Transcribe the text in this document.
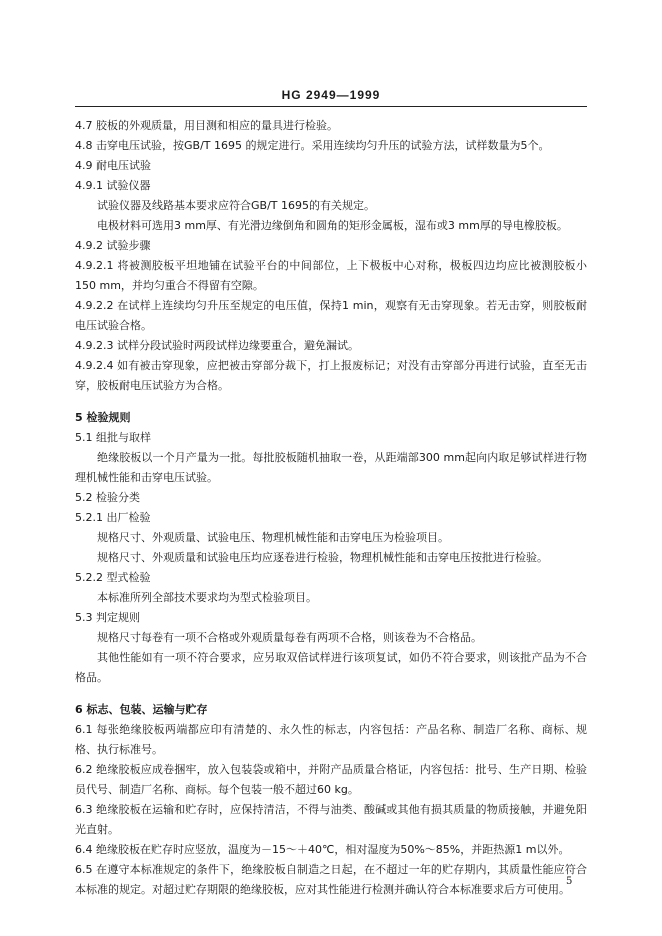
HG 2949—1999

4.7 胶板的外观质量，用目测和相应的量具进行检验。

4.8 击穿电压试验，按GB/T 1695 的规定进行。采用连续均匀升压的试验方法，试样数量为5个。

4.9 耐电压试验

4.9.1 试验仪器

试验仪器及线路基本要求应符合GB/T 1695的有关规定。

电极材料可选用3 mm厚、有光滑边缘倒角和圆角的矩形金属板，湿布或3 mm厚的导电橡胶板。

4.9.2 试验步骤

4.9.2.1 将被测胶板平坦地铺在试验平台的中间部位，上下极板中心对称，极板四边均应比被测胶板小150 mm，并均匀重合不得留有空隙。

4.9.2.2 在试样上连续均匀升压至规定的电压值，保持1 min，观察有无击穿现象。若无击穿，则胶板耐电压试验合格。

4.9.2.3 试样分段试验时两段试样边缘要重合，避免漏试。

4.9.2.4 如有被击穿现象，应把被击穿部分裁下，打上报废标记；对没有击穿部分再进行试验，直至无击穿，胶板耐电压试验方为合格。

5 检验规则

5.1 组批与取样

绝缘胶板以一个月产量为一批。每批胶板随机抽取一卷，从距端部300 mm起向内取足够试样进行物理机械性能和击穿电压试验。

5.2 检验分类

5.2.1 出厂检验

规格尺寸、外观质量、试验电压、物理机械性能和击穿电压为检验项目。

规格尺寸、外观质量和试验电压均应逐卷进行检验，物理机械性能和击穿电压按批进行检验。

5.2.2 型式检验

本标准所列全部技术要求均为型式检验项目。

5.3 判定规则

规格尺寸每卷有一项不合格或外观质量每卷有两项不合格，则该卷为不合格品。

其他性能如有一项不符合要求，应另取双倍试样进行该项复试，如仍不符合要求，则该批产品为不合格品。

6 标志、包装、运输与贮存

6.1 每张绝缘胶板两端都应印有清楚的、永久性的标志，内容包括：产品名称、制造厂名称、商标、规格、执行标准号。

6.2 绝缘胶板应成卷捆牢，放入包装袋或箱中，并附产品质量合格证，内容包括：批号、生产日期、检验员代号、制造厂名称、商标。每个包装一般不超过60 kg。

6.3 绝缘胶板在运输和贮存时，应保持清洁，不得与油类、酸碱或其他有损其质量的物质接触，并避免阳光直射。

6.4 绝缘胶板在贮存时应竖放，温度为－15～＋40℃，相对湿度为50%～85%，并距热源1 m以外。

6.5 在遵守本标准规定的条件下，绝缘胶板自制造之日起，在不超过一年的贮存期内，其质量性能应符合本标准的规定。对超过贮存期限的绝缘胶板，应对其性能进行检测并确认符合本标准要求后方可使用。

5
